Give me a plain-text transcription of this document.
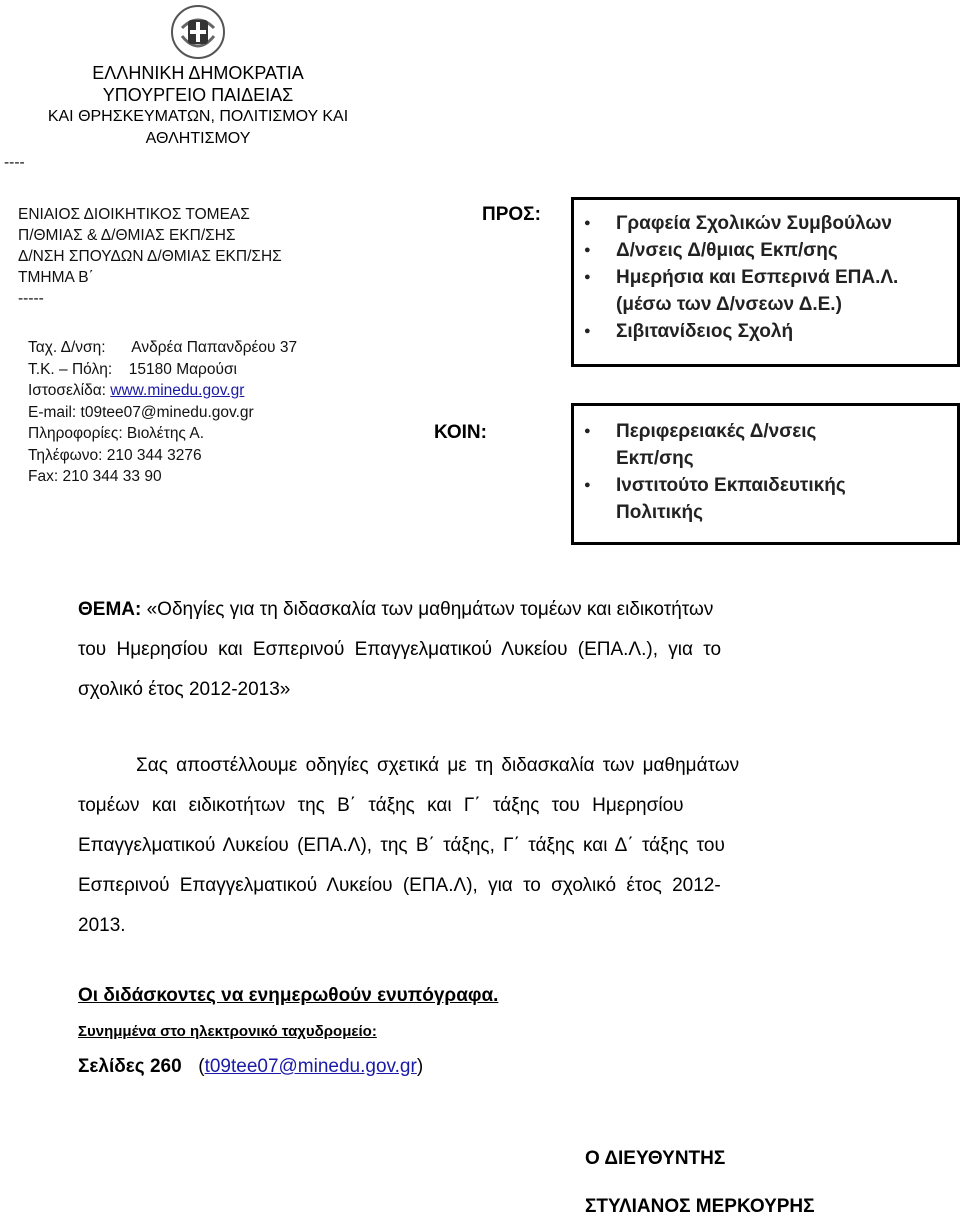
ΕΛΛΗΝΙΚΗ ΔΗΜΟΚΡΑΤΙΑ
ΥΠΟΥΡΓΕΙΟ ΠΑΙΔΕΙΑΣ
ΚΑΙ ΘΡΗΣΚΕΥΜΑΤΩΝ, ΠΟΛΙΤΙΣΜΟΥ ΚΑΙ
ΑΘΛΗΤΙΣΜΟΥ
----
ΕΝΙΑΙΟΣ ΔΙΟΙΚΗΤΙΚΟΣ ΤΟΜΕΑΣ
Π/ΘΜΙΑΣ & Δ/ΘΜΙΑΣ ΕΚΠ/ΣΗΣ
Δ/ΝΣΗ ΣΠΟΥΔΩΝ Δ/ΘΜΙΑΣ ΕΚΠ/ΣΗΣ
ΤΜΗΜΑ Β΄
-----
Ταχ. Δ/νση: Ανδρέα Παπανδρέου 37
Τ.Κ. – Πόλη: 15180 Μαρούσι
Ιστοσελίδα: www.minedu.gov.gr
E-mail: t09tee07@minedu.gov.gr
Πληροφορίες: Βιολέτης Α.
Τηλέφωνο: 210 344 3276
Fax: 210 344 33 90
ΠΡΟΣ:	● Γραφεία Σχολικών Συμβούλων
● Δ/νσεις Δ/θμιας Εκπ/σης
● Ημερήσια και Εσπερινά ΕΠΑ.Λ. (μέσω των Δ/νσεων Δ.Ε.)
● Σιβιτανίδειος Σχολή
ΚΟΙΝ:	● Περιφερειακές Δ/νσεις Εκπ/σης
● Ινστιτούτο Εκπαιδευτικής Πολιτικής
ΘΕΜΑ: «Οδηγίες για τη διδασκαλία των μαθημάτων τομέων και ειδικοτήτων
του Ημερησίου και Εσπερινού Επαγγελματικού Λυκείου (ΕΠΑ.Λ.), για το
σχολικό έτος 2012-2013»
Σας αποστέλλουμε οδηγίες σχετικά με τη διδασκαλία των μαθημάτων
τομέων και ειδικοτήτων της Β΄ τάξης και Γ΄ τάξης του Ημερησίου
Επαγγελματικού Λυκείου (ΕΠΑ.Λ), της Β΄ τάξης, Γ΄ τάξης και Δ΄ τάξης του
Εσπερινού Επαγγελματικού Λυκείου (ΕΠΑ.Λ), για το σχολικό έτος 2012-
2013.
Οι διδάσκοντες να ενημερωθούν ενυπόγραφα.
Συνημμένα στο ηλεκτρονικό ταχυδρομείο:
Σελίδες 260 (t09tee07@minedu.gov.gr)
Ο ΔΙΕΥΘΥΝΤΗΣ
ΣΤΥΛΙΑΝΟΣ ΜΕΡΚΟΥΡΗΣ
